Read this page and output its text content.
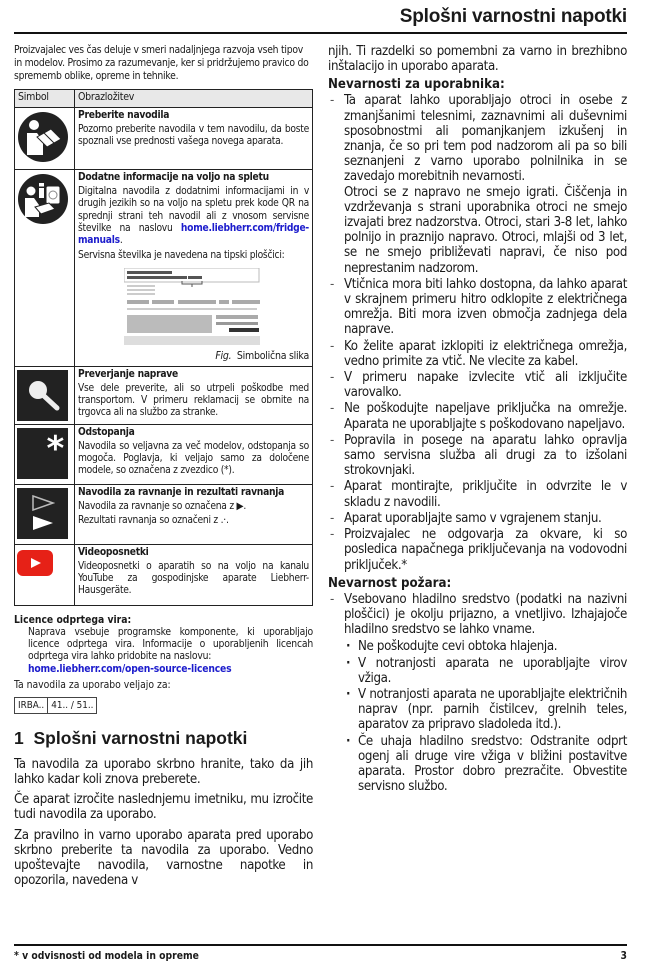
Splošni varnostni napotki

Proizvajalec ves čas deluje v smeri nadaljnjega razvoja vseh tipov in modelov. Prosimo za razumevanje, ker si pridržujemo pravico do sprememb oblike, opreme in tehnike.

Simbol	Obrazložitev

Preberite navodila
Pozorno preberite navodila v tem navodilu, da boste spoznali vse prednosti vašega novega aparata.

Dodatne informacije na voljo na spletu
Digitalna navodila z dodatnimi informacijami in v drugih jezikih so na voljo na spletu prek kode QR na sprednji strani teh navodil ali z vnosom servisne številke na naslovu home.liebherr.com/fridge-manuals.
Servisna številka je navedena na tipski ploščici:
Fig. Simbolična slika

Preverjanje naprave
Vse dele preverite, ali so utrpeli poškodbe med transportom. V primeru reklamacij se obrnite na trgovca ali na službo za stranke.

*	Odstopanja
Navodila so veljavna za več modelov, odstopanja so mogoča. Poglavja, ki veljajo samo za določene modele, so označena z zvezdico (*).

Navodila za ravnanje in rezultati ravnanja
Navodila za ravnanje so označena z ▶.
Rezultati ravnanja so označeni z .·.

Videoposnetki
Videoposnetki o aparatih so na voljo na kanalu YouTube za gospodinjske aparate Liebherr-Hausgeräte.
Licence odprtega vira:
Naprava vsebuje programske komponente, ki uporabljajo licence odprtega vira. Informacije o uporabljenih licencah odprtega vira lahko pridobite na naslovu:
home.liebherr.com/open-source-licences
Ta navodila za uporabo veljajo za:
IRBA.. 41.. / 51..
1 Splošni varnostni napotki

Ta navodila za uporabo skrbno hranite, tako da jih lahko kadar koli znova preberete.

Če aparat izročite naslednjemu imetniku, mu izročite tudi navodila za uporabo.

Za pravilno in varno uporabo aparata pred uporabo skrbno preberite ta navodila za uporabo. Vedno upoštevajte navodila, varnostne napotke in opozorila, navedena v

njih. Ti razdelki so pomembni za varno in brezhibno inštalacijo in uporabo aparata.

Nevarnosti za uporabnika:
- Ta aparat lahko uporabljajo otroci in osebe z zmanjšanimi telesnimi, zaznavnimi ali duševnimi sposobnostmi ali pomanjkanjem izkušenj in znanja, če so pri tem pod nadzorom ali pa so bili seznanjeni z varno uporabo polnilnika in se zavedajo morebitnih nevarnosti.
Otroci se z napravo ne smejo igrati. Čiščenja in vzdrževanja s strani uporabnika otroci ne smejo izvajati brez nadzorstva. Otroci, stari 3-8 let, lahko polnijo in praznijo napravo. Otroci, mlajši od 3 let, se ne smejo približevati napravi, če niso pod neprestanim nadzorom.
- Vtičnica mora biti lahko dostopna, da lahko aparat v skrajnem primeru hitro odklopite z električnega omrežja. Biti mora izven območja zadnjega dela naprave.
- Ko želite aparat izklopiti iz električnega omrežja, vedno primite za vtič. Ne vlecite za kabel.
- V primeru napake izvlecite vtič ali izključite varovalko.
- Ne poškodujte napeljave priključka na omrežje. Aparata ne uporabljajte s poškodovano napeljavo.
- Popravila in posege na aparatu lahko opravlja samo servisna služba ali drugi za to izšolani strokovnjaki.
- Aparat montirajte, priključite in odvrzite le v skladu z navodili.
- Aparat uporabljajte samo v vgrajenem stanju.
- Proizvajalec ne odgovarja za okvare, ki so posledica napačnega priključevanja na vodovodni priključek.*
Nevarnost požara:
- Vsebovano hladilno sredstvo (podatki na nazivni ploščici) je okolju prijazno, a vnetljivo. Izhajajoče hladilno sredstvo se lahko vname.
· Ne poškodujte cevi obtoka hlajenja.
· V notranjosti aparata ne uporabljajte virov vžiga.
· V notranjosti aparata ne uporabljajte električnih naprav (npr. parnih čistilcev, grelnih teles, aparatov za pripravo sladoleda itd.).
· Če uhaja hladilno sredstvo: Odstranite odprt ogenj ali druge vire vžiga v bližini postavitve aparata. Prostor dobro prezračite. Obvestite servisno službo.
* v odvisnosti od modela in opreme	3
